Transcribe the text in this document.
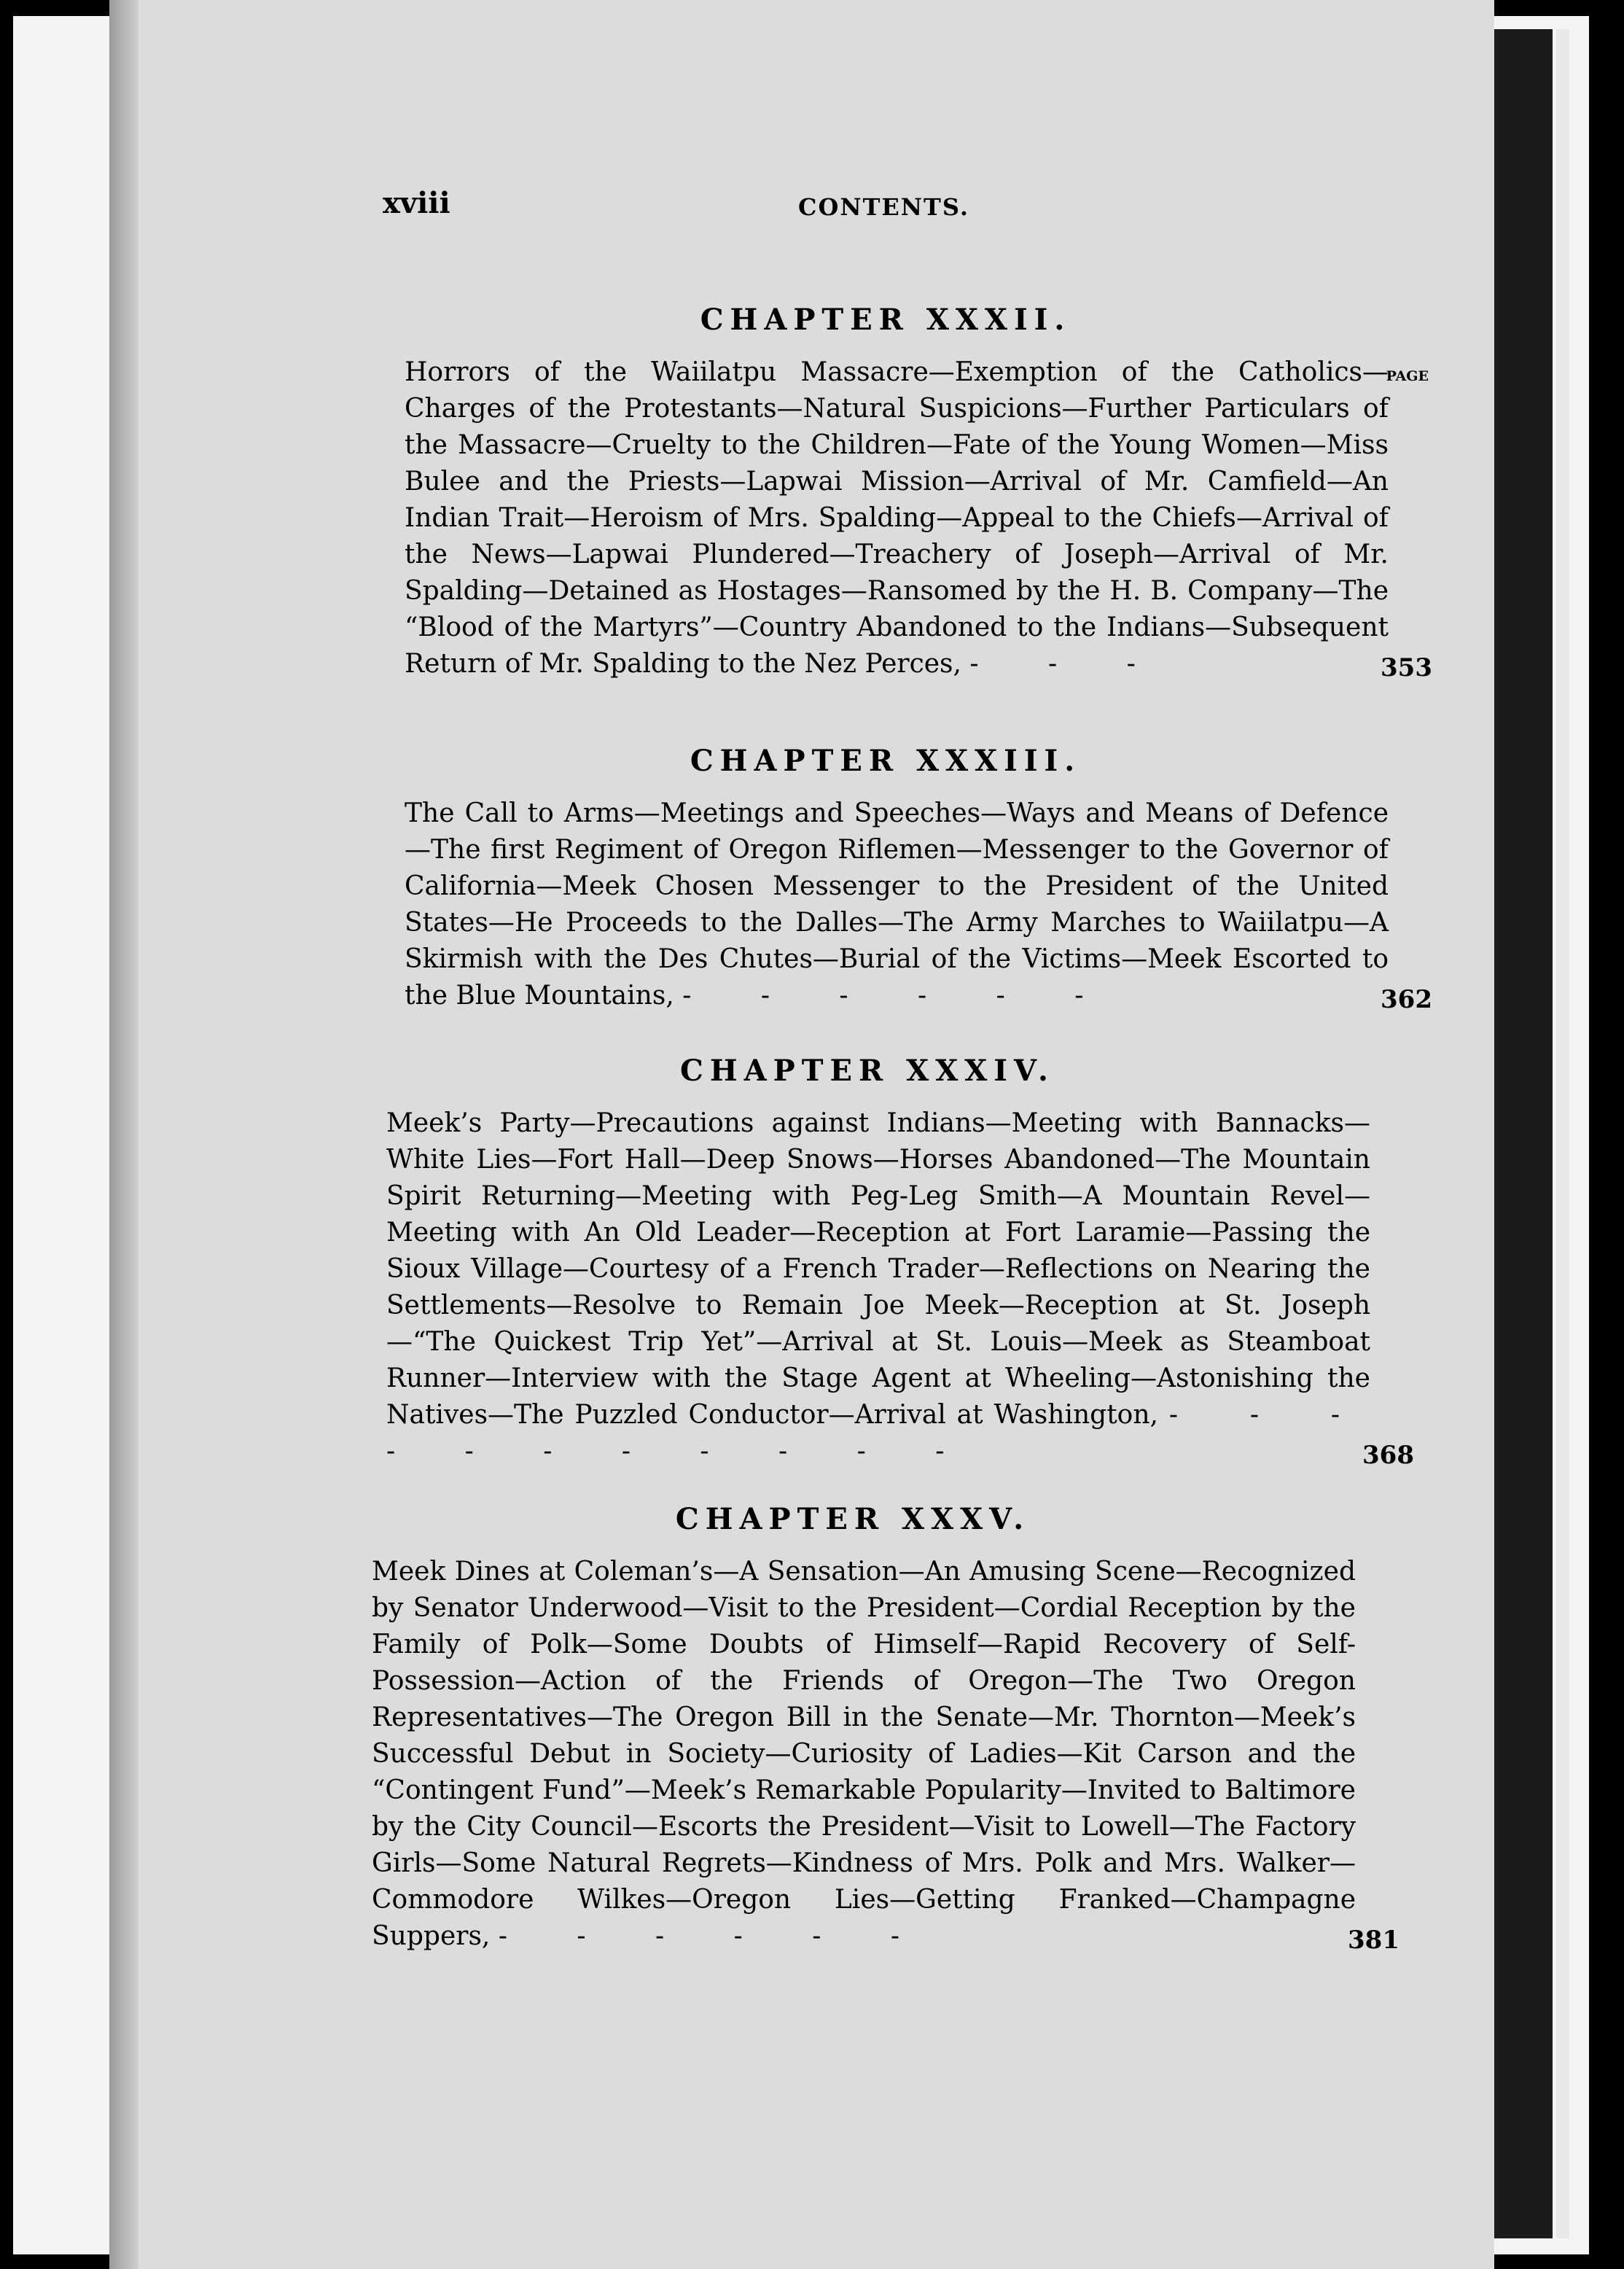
xviii	CONTENTS.
CHAPTER XXXII.
PAGE

Horrors of the Waiilatpu Massacre—Exemption of the Catholics—Charges of the Protestants—Natural Suspicions—Further Particulars of the Massacre—Cruelty to the Children—Fate of the Young Women—Miss Bulee and the Priests—Lapwai Mission—Arrival of Mr. Camfield—An Indian Trait—Heroism of Mrs. Spalding—Appeal to the Chiefs—Arrival of the News—Lapwai Plundered—Treachery of Joseph—Arrival of Mr. Spalding—Detained as Hostages—Ransomed by the H. B. Company—The “Blood of the Martyrs”—Country Abandoned to the Indians—Subsequent Return of Mr. Spalding to the Nez Perces, - - -	353
CHAPTER XXXIII.

The Call to Arms—Meetings and Speeches—Ways and Means of Defence—The first Regiment of Oregon Riflemen—Messenger to the Governor of California—Meek Chosen Messenger to the President of the United States—He Proceeds to the Dalles—The Army Marches to Waiilatpu—A Skirmish with the Des Chutes—Burial of the Victims—Meek Escorted to the Blue Mountains, - - - - - -	362
CHAPTER XXXIV.

Meek’s Party—Precautions against Indians—Meeting with Bannacks—White Lies—Fort Hall—Deep Snows—Horses Abandoned—The Mountain Spirit Returning—Meeting with Peg-Leg Smith—A Mountain Revel—Meeting with An Old Leader—Reception at Fort Laramie—Passing the Sioux Village—Courtesy of a French Trader—Reflections on Nearing the Settlements—Resolve to Remain Joe Meek—Reception at St. Joseph—“The Quickest Trip Yet”—Arrival at St. Louis—Meek as Steamboat Runner—Interview with the Stage Agent at Wheeling—Astonishing the Natives—The Puzzled Conductor—Arrival at Washington, - - - - - - - - - - -	368
CHAPTER XXXV.

Meek Dines at Coleman’s—A Sensation—An Amusing Scene—Recognized by Senator Underwood—Visit to the President—Cordial Reception by the Family of Polk—Some Doubts of Himself—Rapid Recovery of Self-Possession—Action of the Friends of Oregon—The Two Oregon Representatives—The Oregon Bill in the Senate—Mr. Thornton—Meek’s Successful Debut in Society—Curiosity of Ladies—Kit Carson and the “Contingent Fund”—Meek’s Remarkable Popularity—Invited to Baltimore by the City Council—Escorts the President—Visit to Lowell—The Factory Girls—Some Natural Regrets—Kindness of Mrs. Polk and Mrs. Walker—Commodore Wilkes—Oregon Lies—Getting Franked—Champagne Suppers, - - - - - -	381
